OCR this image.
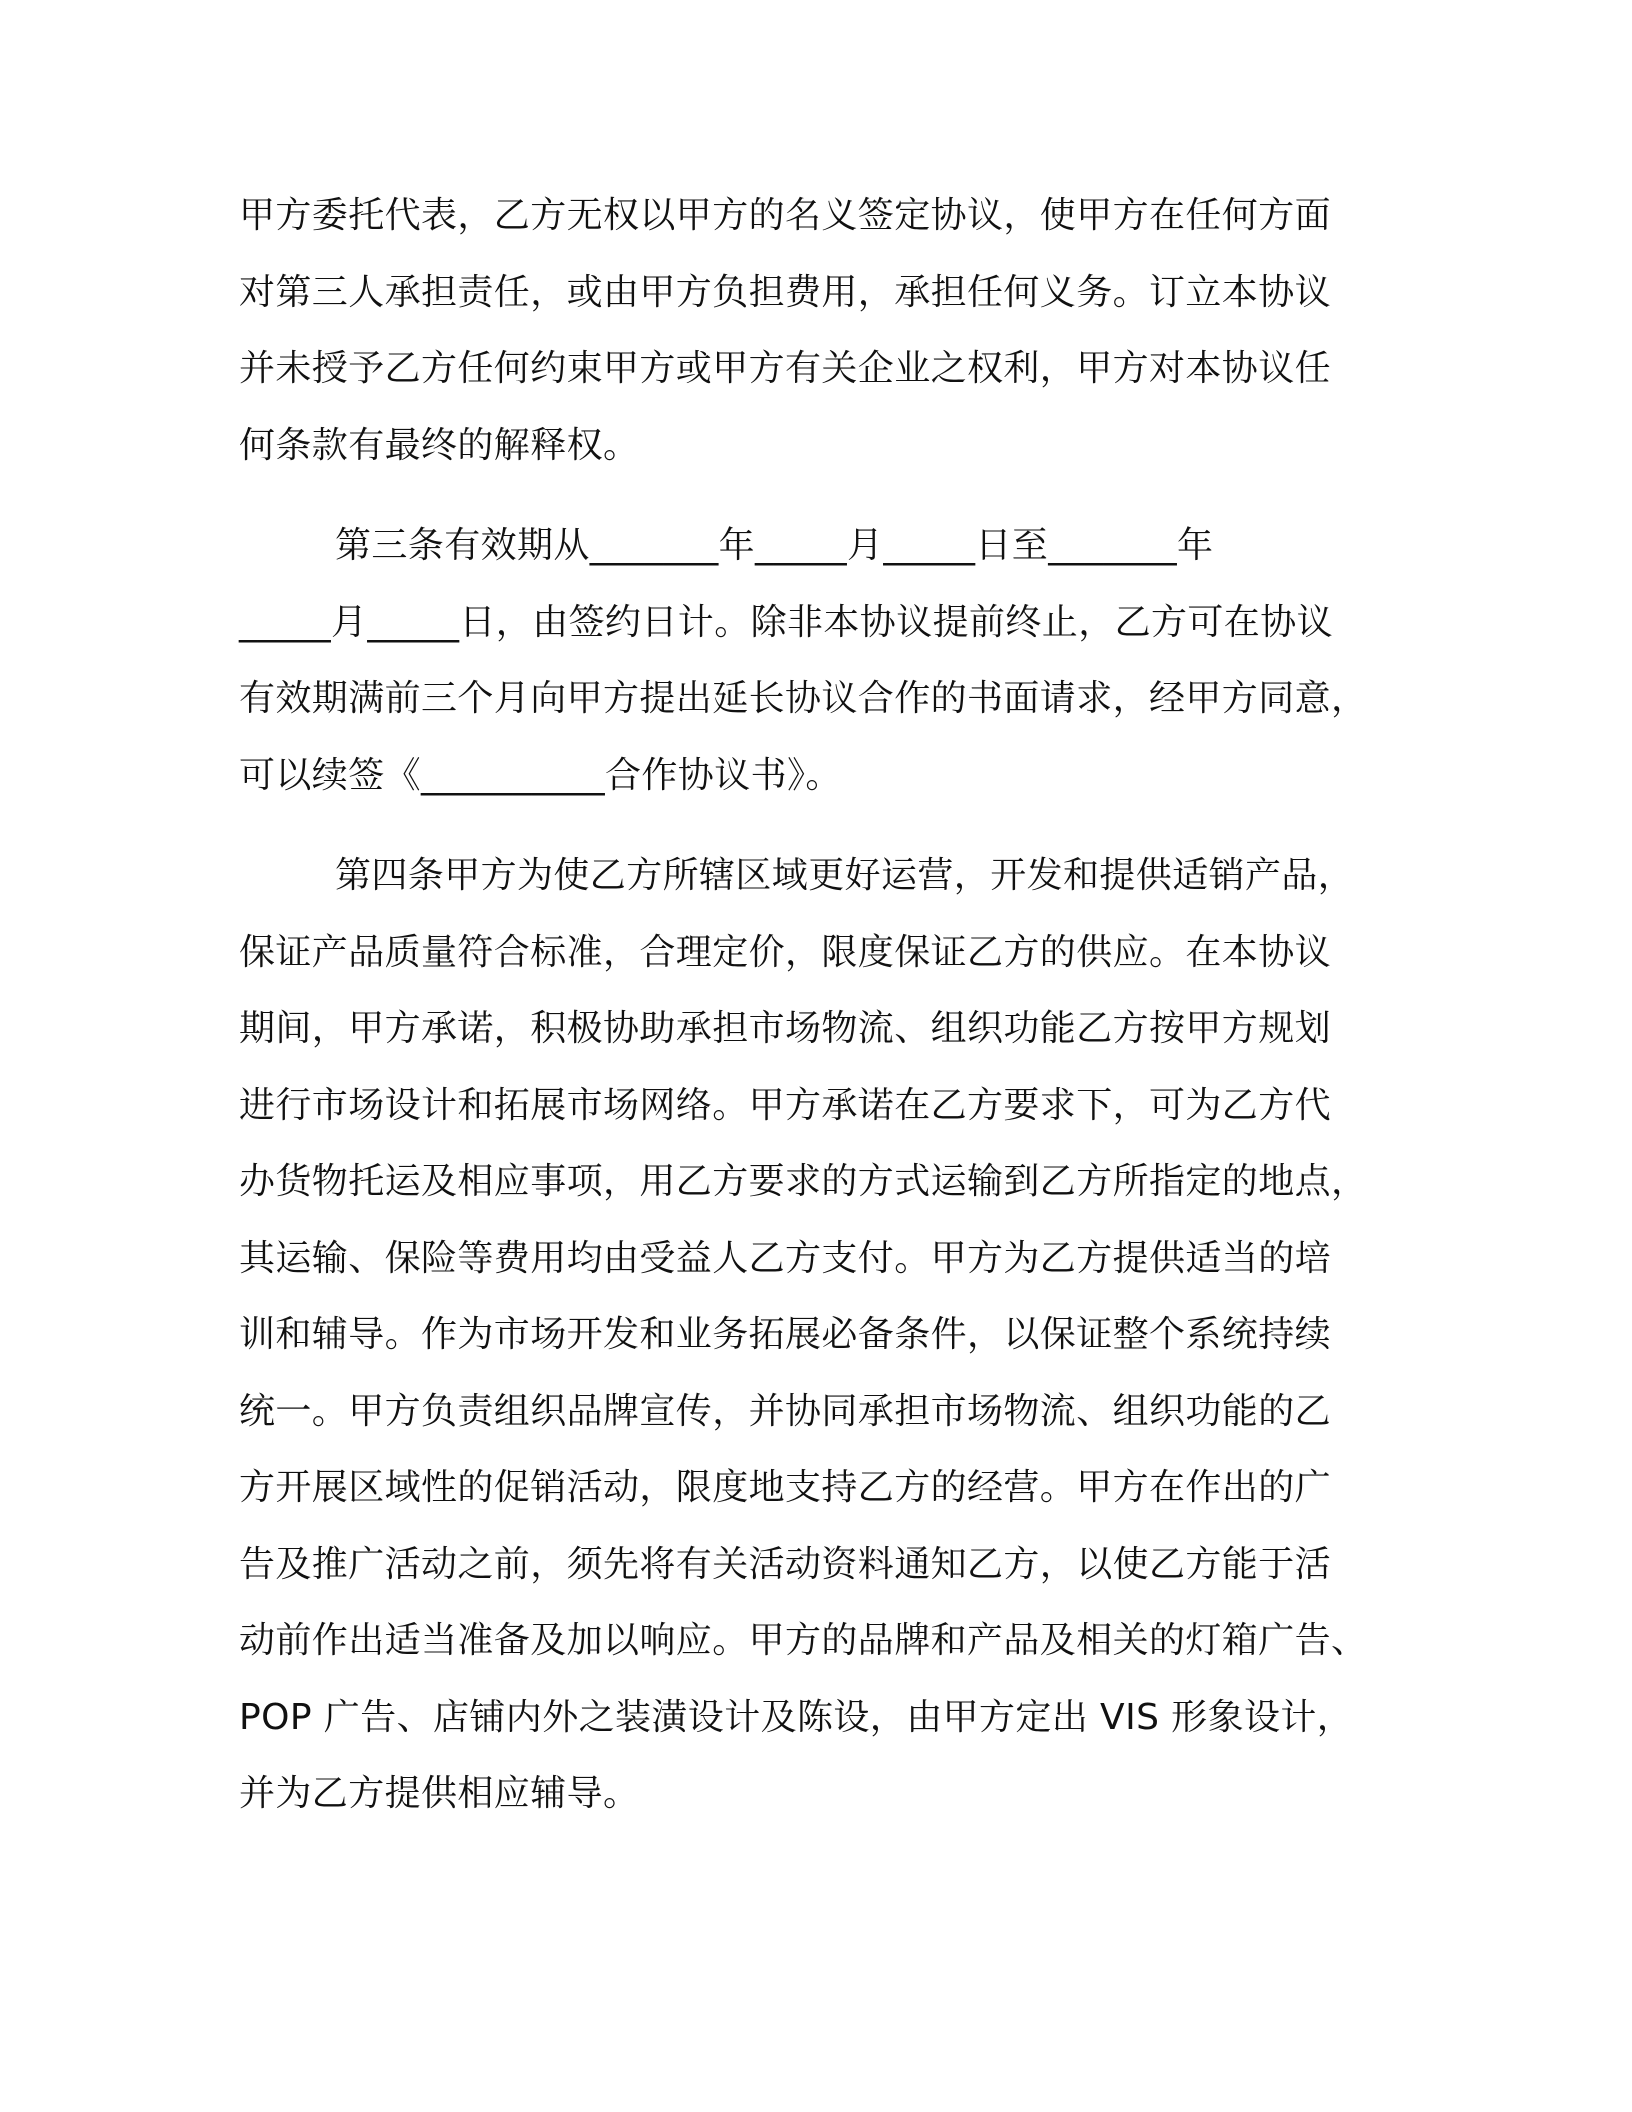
甲方委托代表，乙方无权以甲方的名义签定协议，使甲方在任何方面
对第三人承担责任，或由甲方负担费用，承担任何义务。订立本协议
并未授予乙方任何约束甲方或甲方有关企业之权利，甲方对本协议任
何条款有最终的解释权。
第三条有效期从_______年_____月_____日至_______年
_____月_____日，由签约日计。除非本协议提前终止，乙方可在协议
有效期满前三个月向甲方提出延长协议合作的书面请求，经甲方同意，
可以续签《__________合作协议书》。
第四条甲方为使乙方所辖区域更好运营，开发和提供适销产品，
保证产品质量符合标准，合理定价，限度保证乙方的供应。在本协议
期间，甲方承诺，积极协助承担市场物流、组织功能乙方按甲方规划
进行市场设计和拓展市场网络。甲方承诺在乙方要求下，可为乙方代
办货物托运及相应事项，用乙方要求的方式运输到乙方所指定的地点，
其运输、保险等费用均由受益人乙方支付。甲方为乙方提供适当的培
训和辅导。作为市场开发和业务拓展必备条件，以保证整个系统持续
统一。甲方负责组织品牌宣传，并协同承担市场物流、组织功能的乙
方开展区域性的促销活动，限度地支持乙方的经营。甲方在作出的广
告及推广活动之前，须先将有关活动资料通知乙方，以使乙方能于活
动前作出适当准备及加以响应。甲方的品牌和产品及相关的灯箱广告、
POP 广告、店铺内外之装潢设计及陈设，由甲方定出 VIS 形象设计，
并为乙方提供相应辅导。
